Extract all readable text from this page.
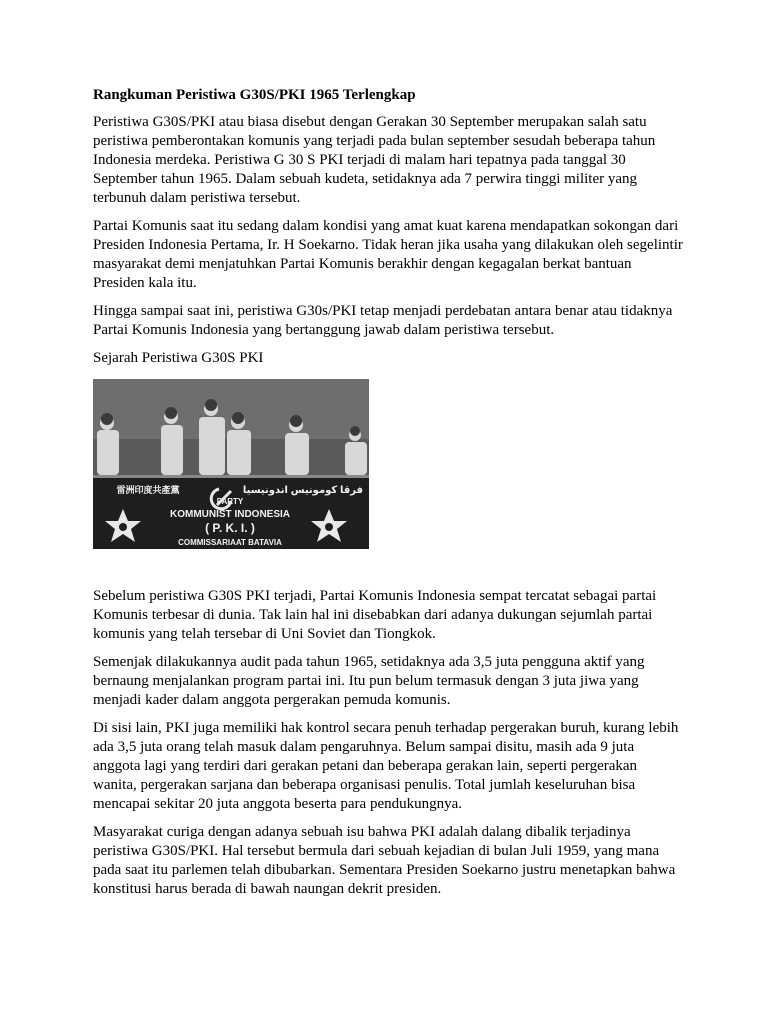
Rangkuman Peristiwa G30S/PKI 1965 Terlengkap

Peristiwa G30S/PKI atau biasa disebut dengan Gerakan 30 September merupakan salah satu peristiwa pemberontakan komunis yang terjadi pada bulan september sesudah beberapa tahun Indonesia merdeka. Peristiwa G 30 S PKI terjadi di malam hari tepatnya pada tanggal 30 September tahun 1965. Dalam sebuah kudeta, setidaknya ada 7 perwira tinggi militer yang terbunuh dalam peristiwa tersebut.

Partai Komunis saat itu sedang dalam kondisi yang amat kuat karena mendapatkan sokongan dari Presiden Indonesia Pertama, Ir. H Soekarno. Tidak heran jika usaha yang dilakukan oleh segelintir masyarakat demi menjatuhkan Partai Komunis berakhir dengan kegagalan berkat bantuan Presiden kala itu.

Hingga sampai saat ini, peristiwa G30s/PKI tetap menjadi perdebatan antara benar atau tidaknya Partai Komunis Indonesia yang bertanggung jawab dalam peristiwa tersebut.

Sejarah Peristiwa G30S PKI

PARTY
KOMMUNIST INDONESIA
( P. K. I. )
COMMISSARIAAT BATAVIA
雷洲印度共產黨	فرقا كومونيس اندونيسيا

Sebelum peristiwa G30S PKI terjadi, Partai Komunis Indonesia sempat tercatat sebagai partai Komunis terbesar di dunia. Tak lain hal ini disebabkan dari adanya dukungan sejumlah partai komunis yang telah tersebar di Uni Soviet dan Tiongkok.

Semenjak dilakukannya audit pada tahun 1965, setidaknya ada 3,5 juta pengguna aktif yang bernaung menjalankan program partai ini. Itu pun belum termasuk dengan 3 juta jiwa yang menjadi kader dalam anggota pergerakan pemuda komunis.

Di sisi lain, PKI juga memiliki hak kontrol secara penuh terhadap pergerakan buruh, kurang lebih ada 3,5 juta orang telah masuk dalam pengaruhnya. Belum sampai disitu, masih ada 9 juta anggota lagi yang terdiri dari gerakan petani dan beberapa gerakan lain, seperti pergerakan wanita, pergerakan sarjana dan beberapa organisasi penulis. Total jumlah keseluruhan bisa mencapai sekitar 20 juta anggota beserta para pendukungnya.

Masyarakat curiga dengan adanya sebuah isu bahwa PKI adalah dalang dibalik terjadinya peristiwa G30S/PKI. Hal tersebut bermula dari sebuah kejadian di bulan Juli 1959, yang mana pada saat itu parlemen telah dibubarkan. Sementara Presiden Soekarno justru menetapkan bahwa konstitusi harus berada di bawah naungan dekrit presiden.
